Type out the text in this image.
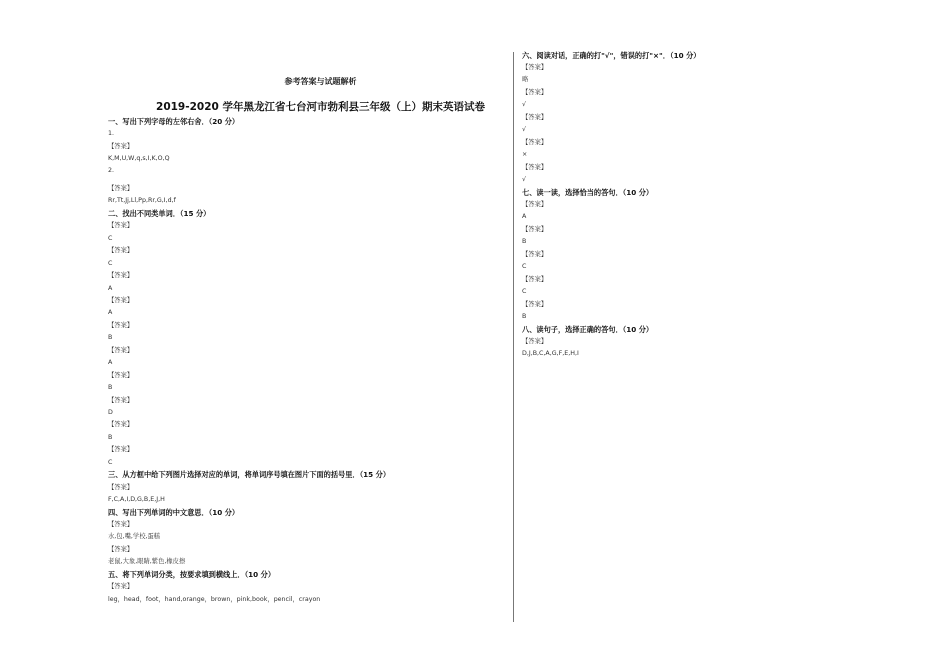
参考答案与试题解析
2019-2020 学年黑龙江省七台河市勃利县三年级（上）期末英语试卷
一、写出下列字母的左邻右舍．（20 分）
1.
【答案】
K,M,U,W,q,s,I,K,O,Q
2.
【答案】
Rr,Tt,Jj,Ll,Pp,Rr,G,I,d,f
二、找出不同类单词．（15 分）
【答案】
C
【答案】
C
【答案】
A
【答案】
A
【答案】
B
【答案】
A
【答案】
B
【答案】
D
【答案】
B
【答案】
C
三、从方框中给下列图片选择对应的单词，将单词序号填在图片下面的括号里．（15 分）
【答案】
F,C,A,I,D,G,B,E,J,H
四、写出下列单词的中文意思．（10 分）
【答案】
水,包,嘴,学校,蛋糕
【答案】
老鼠,大象,眼睛,紫色,橡皮擦
五、将下列单词分类，按要求填到横线上．（10 分）
【答案】
leg，head，foot，hand,orange，brown，pink,book，pencil，crayon
六、阅读对话，正确的打"√"，错误的打"×"．（10 分）
【答案】
略
【答案】
√
【答案】
√
【答案】
×
【答案】
√
七、读一读，选择恰当的答句．（10 分）
【答案】
A
【答案】
B
【答案】
C
【答案】
C
【答案】
B
八、读句子，选择正确的答句．（10 分）
【答案】
D,J,B,C,A,G,F,E,H,I
